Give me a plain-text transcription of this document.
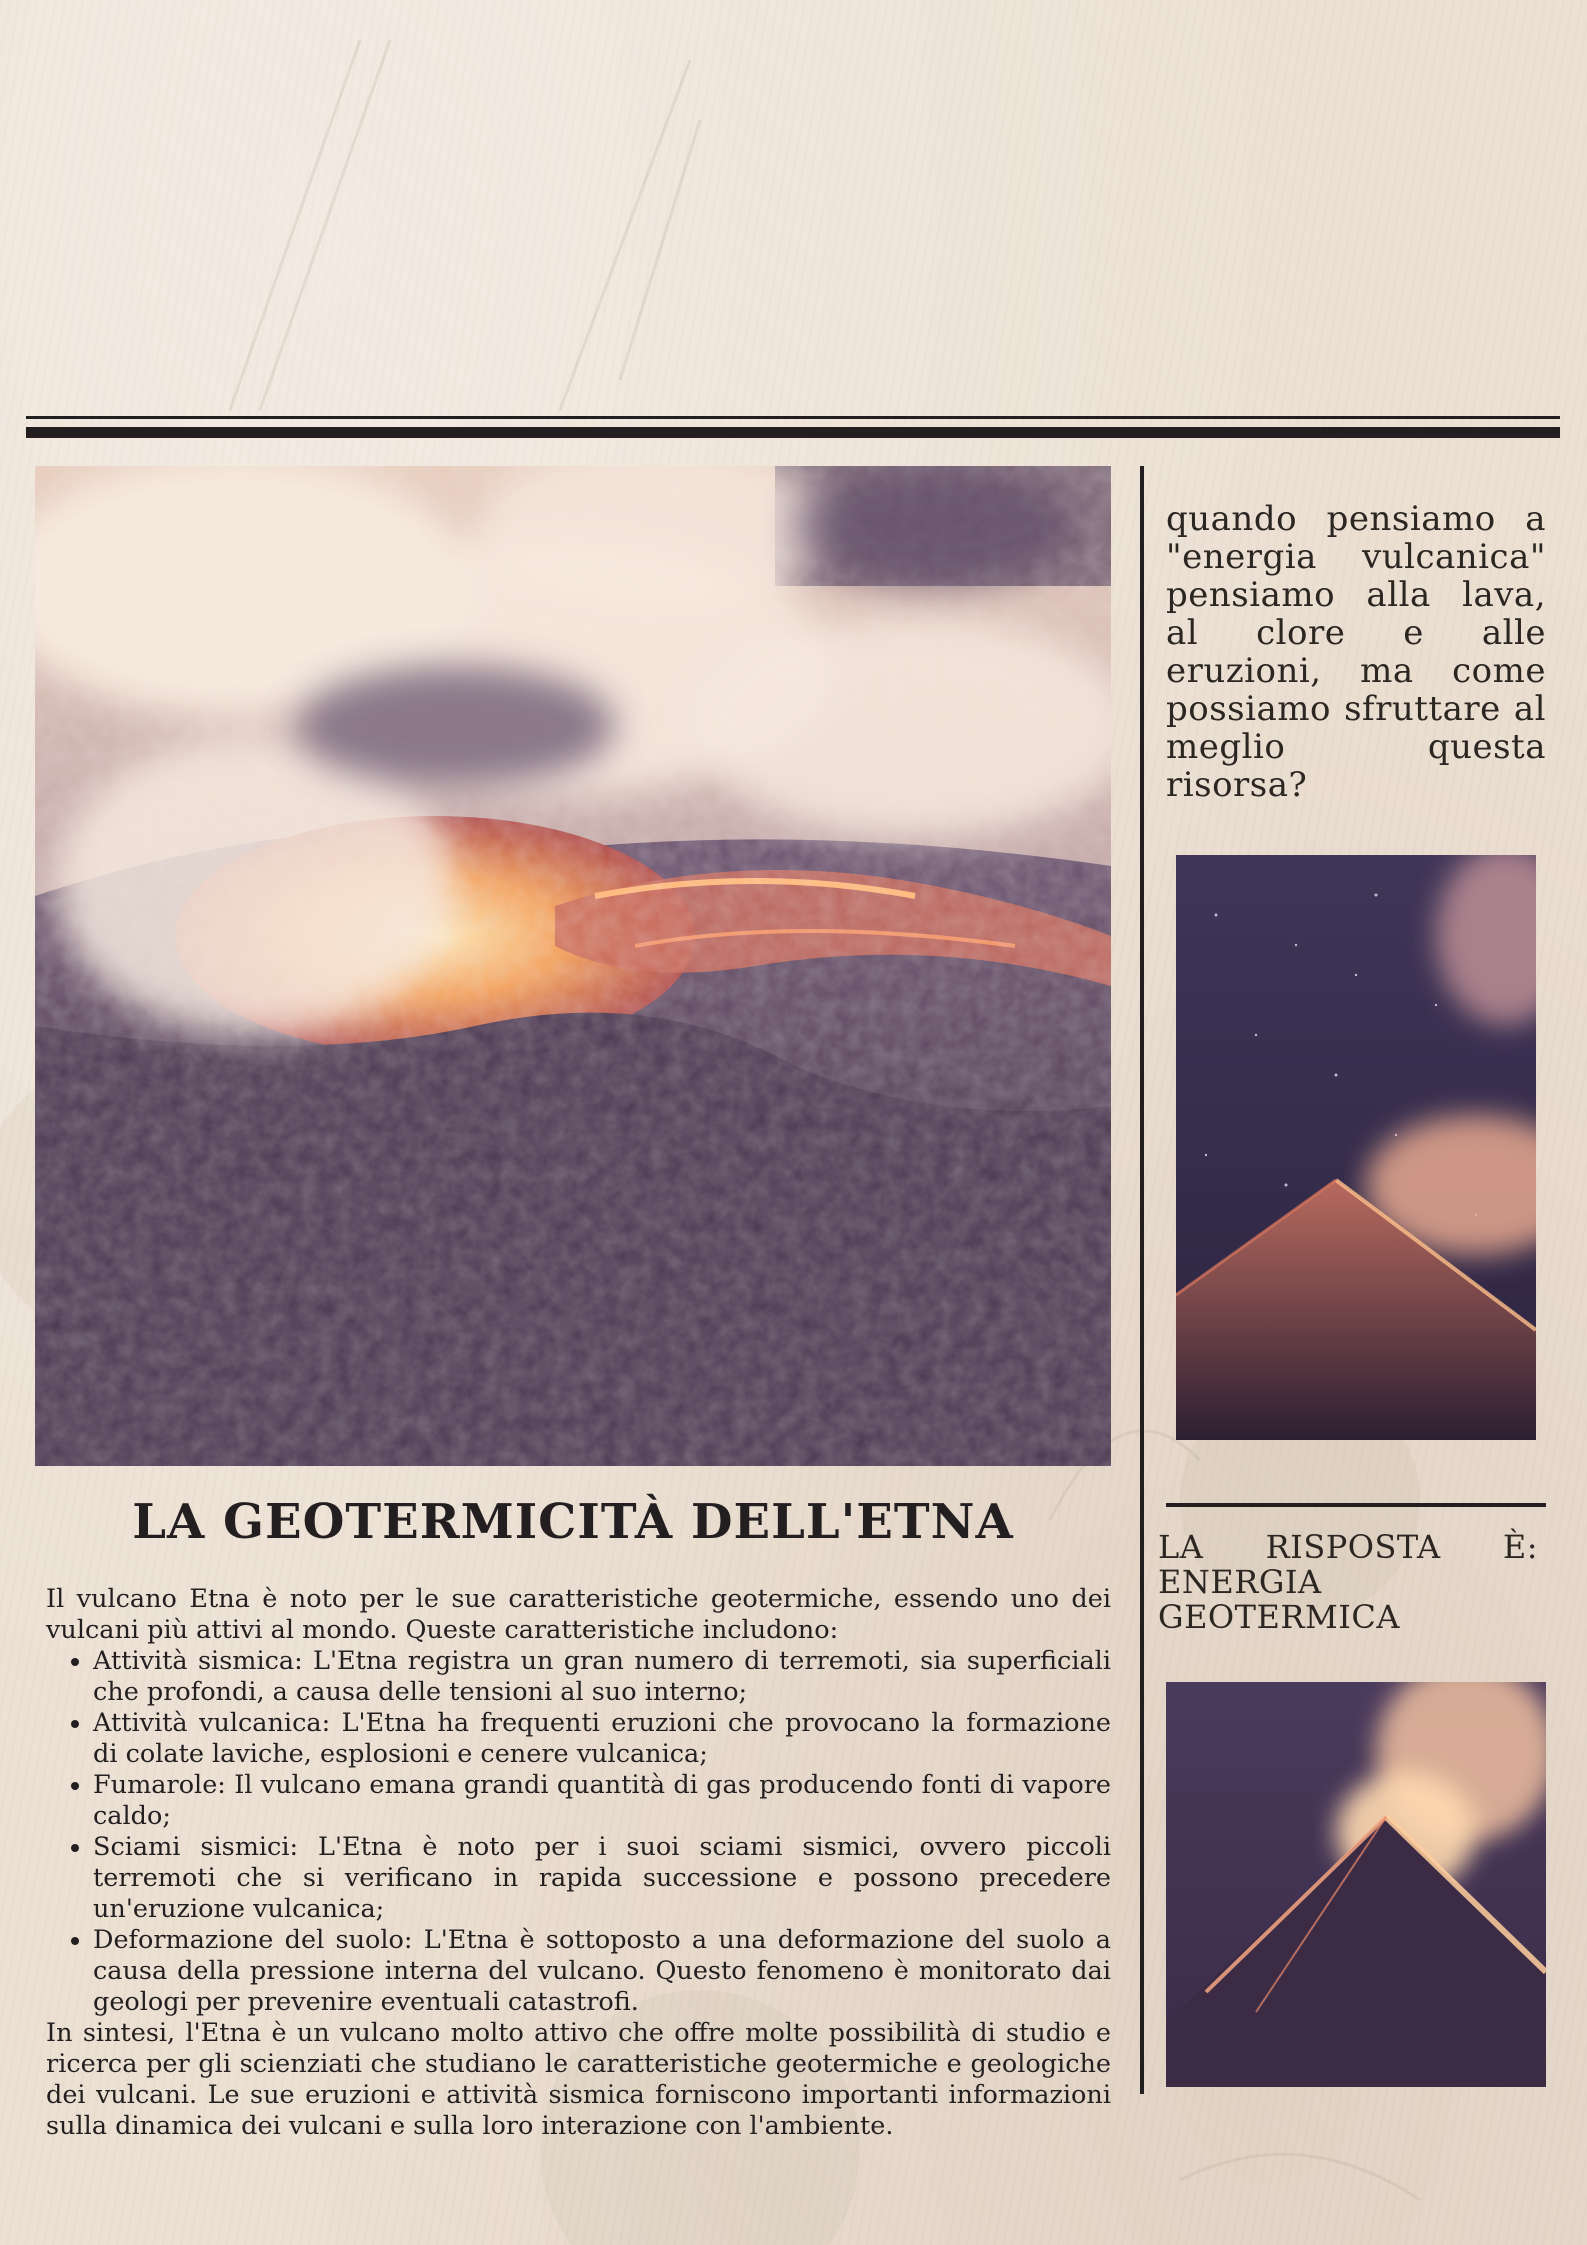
quando pensiamo a "energia vulcanica" pensiamo alla lava, al clore e alle eruzioni, ma come possiamo sfruttare al meglio questa risorsa?
LA RISPOSTA È: ENERGIA GEOTERMICA
LA GEOTERMICITÀ DELL'ETNA

Il vulcano Etna è noto per le sue caratteristiche geotermiche, essendo uno dei vulcani più attivi al mondo. Queste caratteristiche includono:

• Attività sismica: L'Etna registra un gran numero di terremoti, sia superficiali che profondi, a causa delle tensioni al suo interno;
• Attività vulcanica: L'Etna ha frequenti eruzioni che provocano la formazione di colate laviche, esplosioni e cenere vulcanica;
• Fumarole: Il vulcano emana grandi quantità di gas producendo fonti di vapore caldo;
• Sciami sismici: L'Etna è noto per i suoi sciami sismici, ovvero piccoli terremoti che si verificano in rapida successione e possono precedere un'eruzione vulcanica;
• Deformazione del suolo: L'Etna è sottoposto a una deformazione del suolo a causa della pressione interna del vulcano. Questo fenomeno è monitorato dai geologi per prevenire eventuali catastrofi.

In sintesi, l'Etna è un vulcano molto attivo che offre molte possibilità di studio e ricerca per gli scienziati che studiano le caratteristiche geotermiche e geologiche dei vulcani. Le sue eruzioni e attività sismica forniscono importanti informazioni sulla dinamica dei vulcani e sulla loro interazione con l'ambiente.
